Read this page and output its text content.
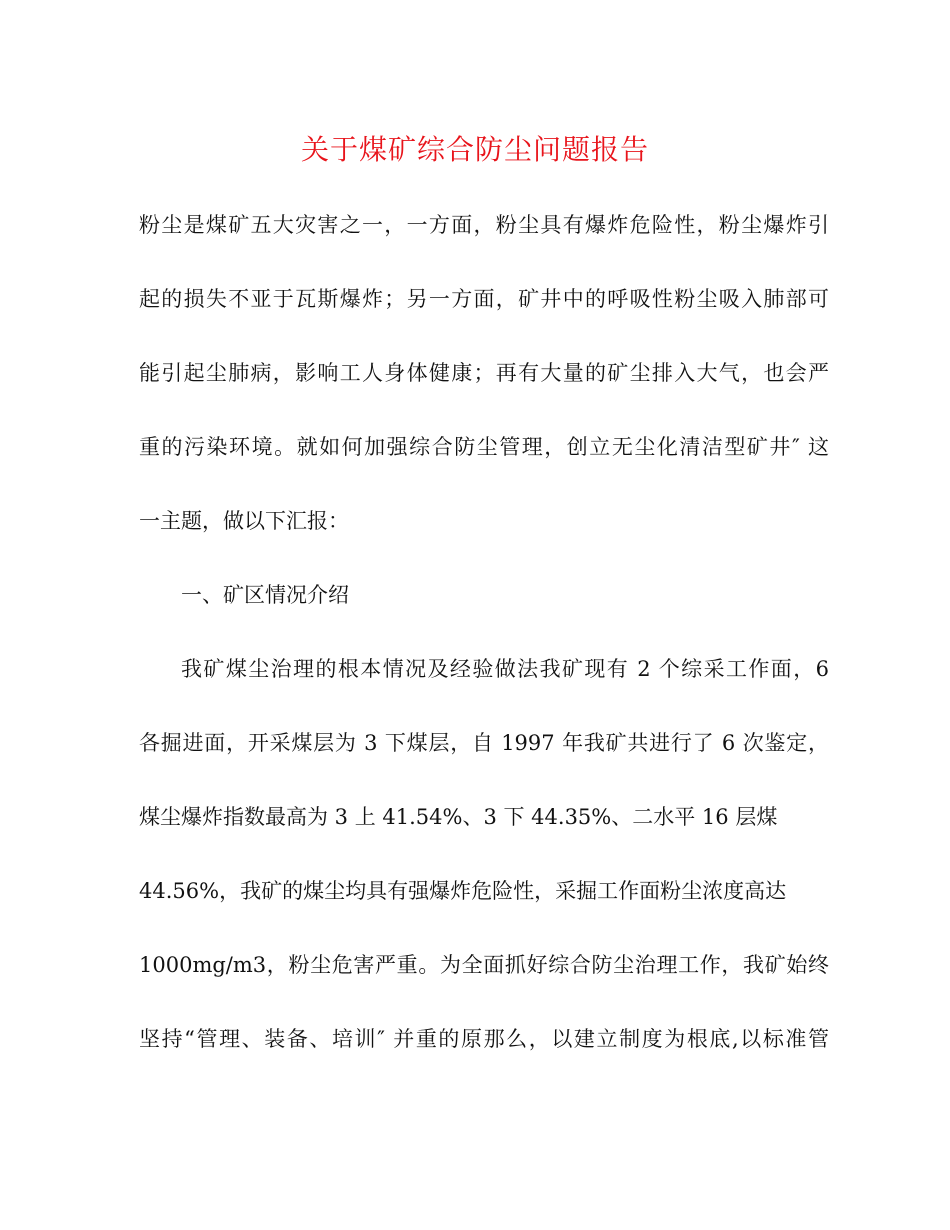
关于煤矿综合防尘问题报告
粉尘是煤矿五大灾害之一，一方面，粉尘具有爆炸危险性，粉尘爆炸引
起的损失不亚于瓦斯爆炸；另一方面，矿井中的呼吸性粉尘吸入肺部可
能引起尘肺病，影响工人身体健康；再有大量的矿尘排入大气，也会严
重的污染环境。就如何加强综合防尘管理，创立无尘化清洁型矿井″ 这
一主题，做以下汇报：
一、矿区情况介绍
我矿煤尘治理的根本情况及经验做法我矿现有 2 个综采工作面，6
各掘进面，开采煤层为 3 下煤层，自 1997 年我矿共进行了 6 次鉴定，
煤尘爆炸指数最高为 3 上 41.54%、3 下 44.35%、二水平 16 层煤
44.56%，我矿的煤尘均具有强爆炸危险性，采掘工作面粉尘浓度高达
1000mg/m3，粉尘危害严重。为全面抓好综合防尘治理工作，我矿始终
坚持“管理、装备、培训″ 并重的原那么，以建立制度为根底,以标准管
